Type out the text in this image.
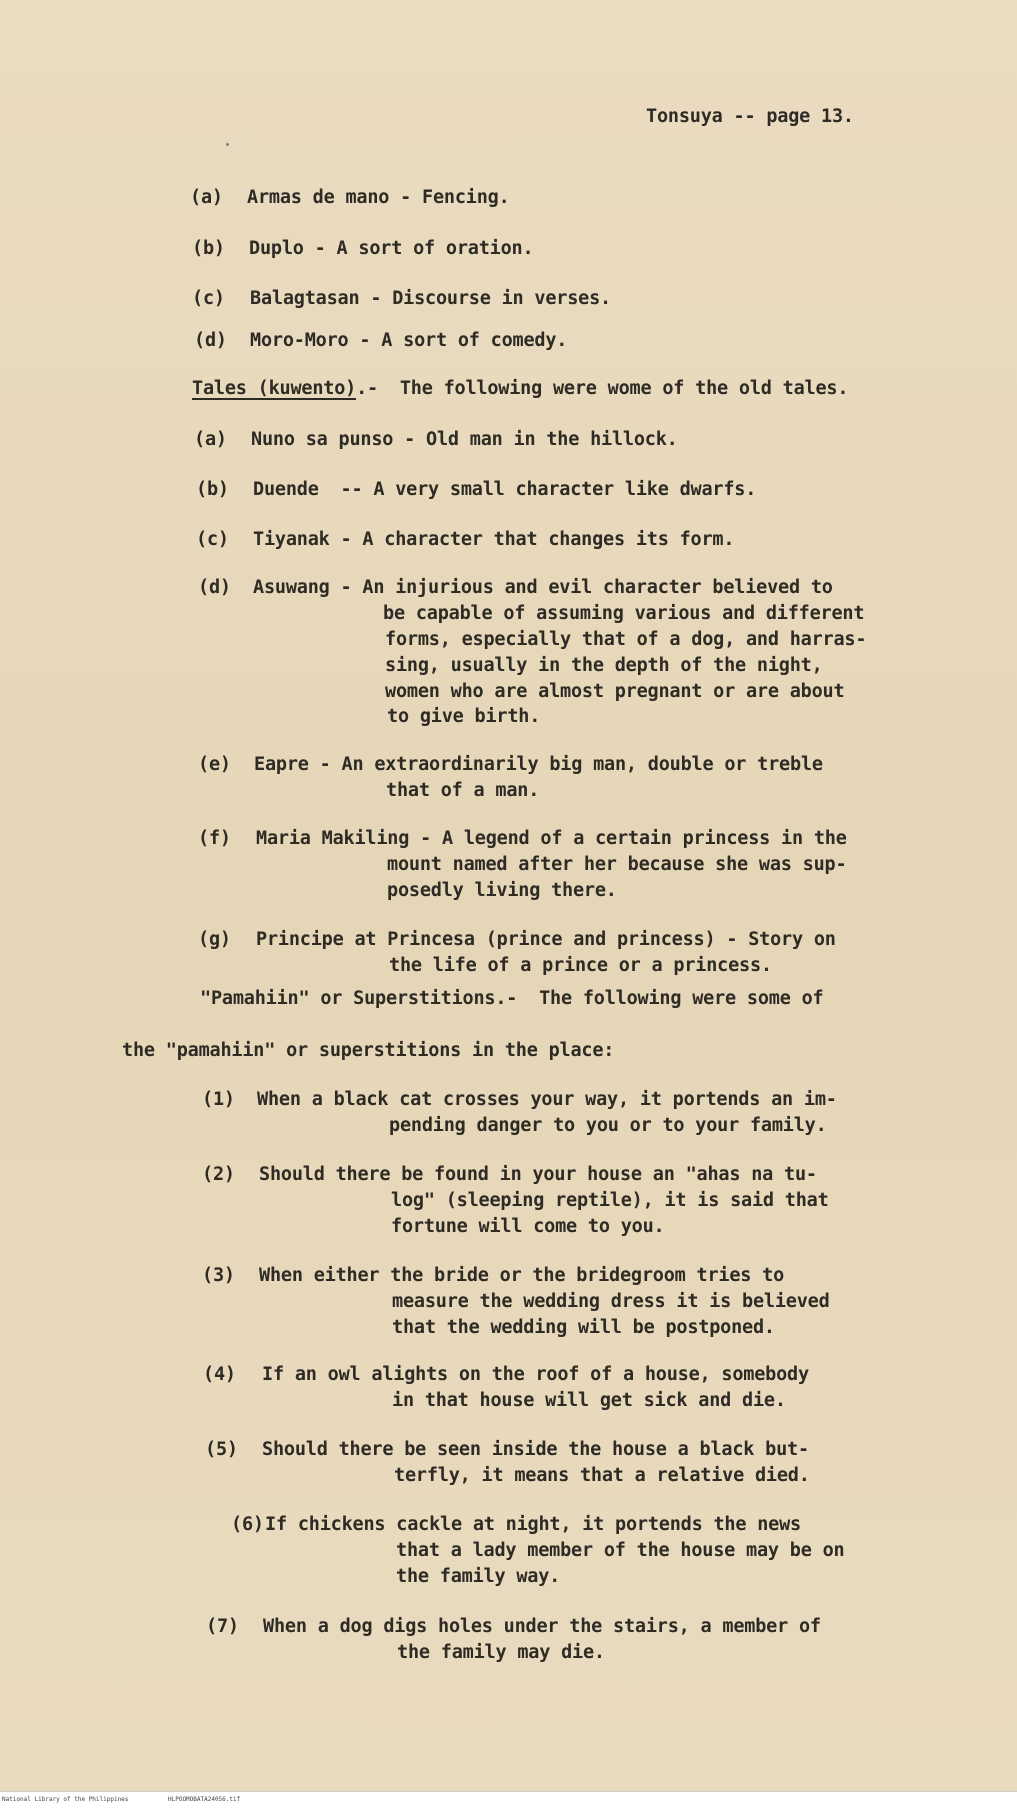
Tonsuya -- page 13.
(a) Armas de mano - Fencing.
(b) Duplo - A sort of oration.
(c) Balagtasan - Discourse in verses.
(d) Moro-Moro - A sort of comedy.
Tales (kuwento).-  The following were wome of the old tales.
(a) Nuno sa punso - Old man in the hillock.
(b) Duende  -- A very small character like dwarfs.
(c) Tiyanak - A character that changes its form.
(d) Asuwang - An injurious and evil character believed to
be capable of assuming various and different
forms, especially that of a dog, and harras-
sing, usually in the depth of the night,
women who are almost pregnant or are about
to give birth.
(e) Eapre - An extraordinarily big man, double or treble
that of a man.
(f) Maria Makiling - A legend of a certain princess in the
mount named after her because she was sup-
posedly living there.
(g) Principe at Princesa (prince and princess) - Story on
the life of a prince or a princess.
"Pamahiin" or Superstitions.-  The following were some of
the "pamahiin" or superstitions in the place:
(1) When a black cat crosses your way, it portends an im-
pending danger to you or to your family.
(2) Should there be found in your house an "ahas na tu-
log" (sleeping reptile), it is said that
fortune will come to you.
(3) When either the bride or the bridegroom tries to
measure the wedding dress it is believed
that the wedding will be postponed.
(4) If an owl alights on the roof of a house, somebody
in that house will get sick and die.
(5) Should there be seen inside the house a black but-
terfly, it means that a relative died.
(6) If chickens cackle at night, it portends the news
that a lady member of the house may be on
the family way.
(7) When a dog digs holes under the stairs, a member of
the family may die.
National Library of the Philippines	HLPOOMOBATA24056.tif
